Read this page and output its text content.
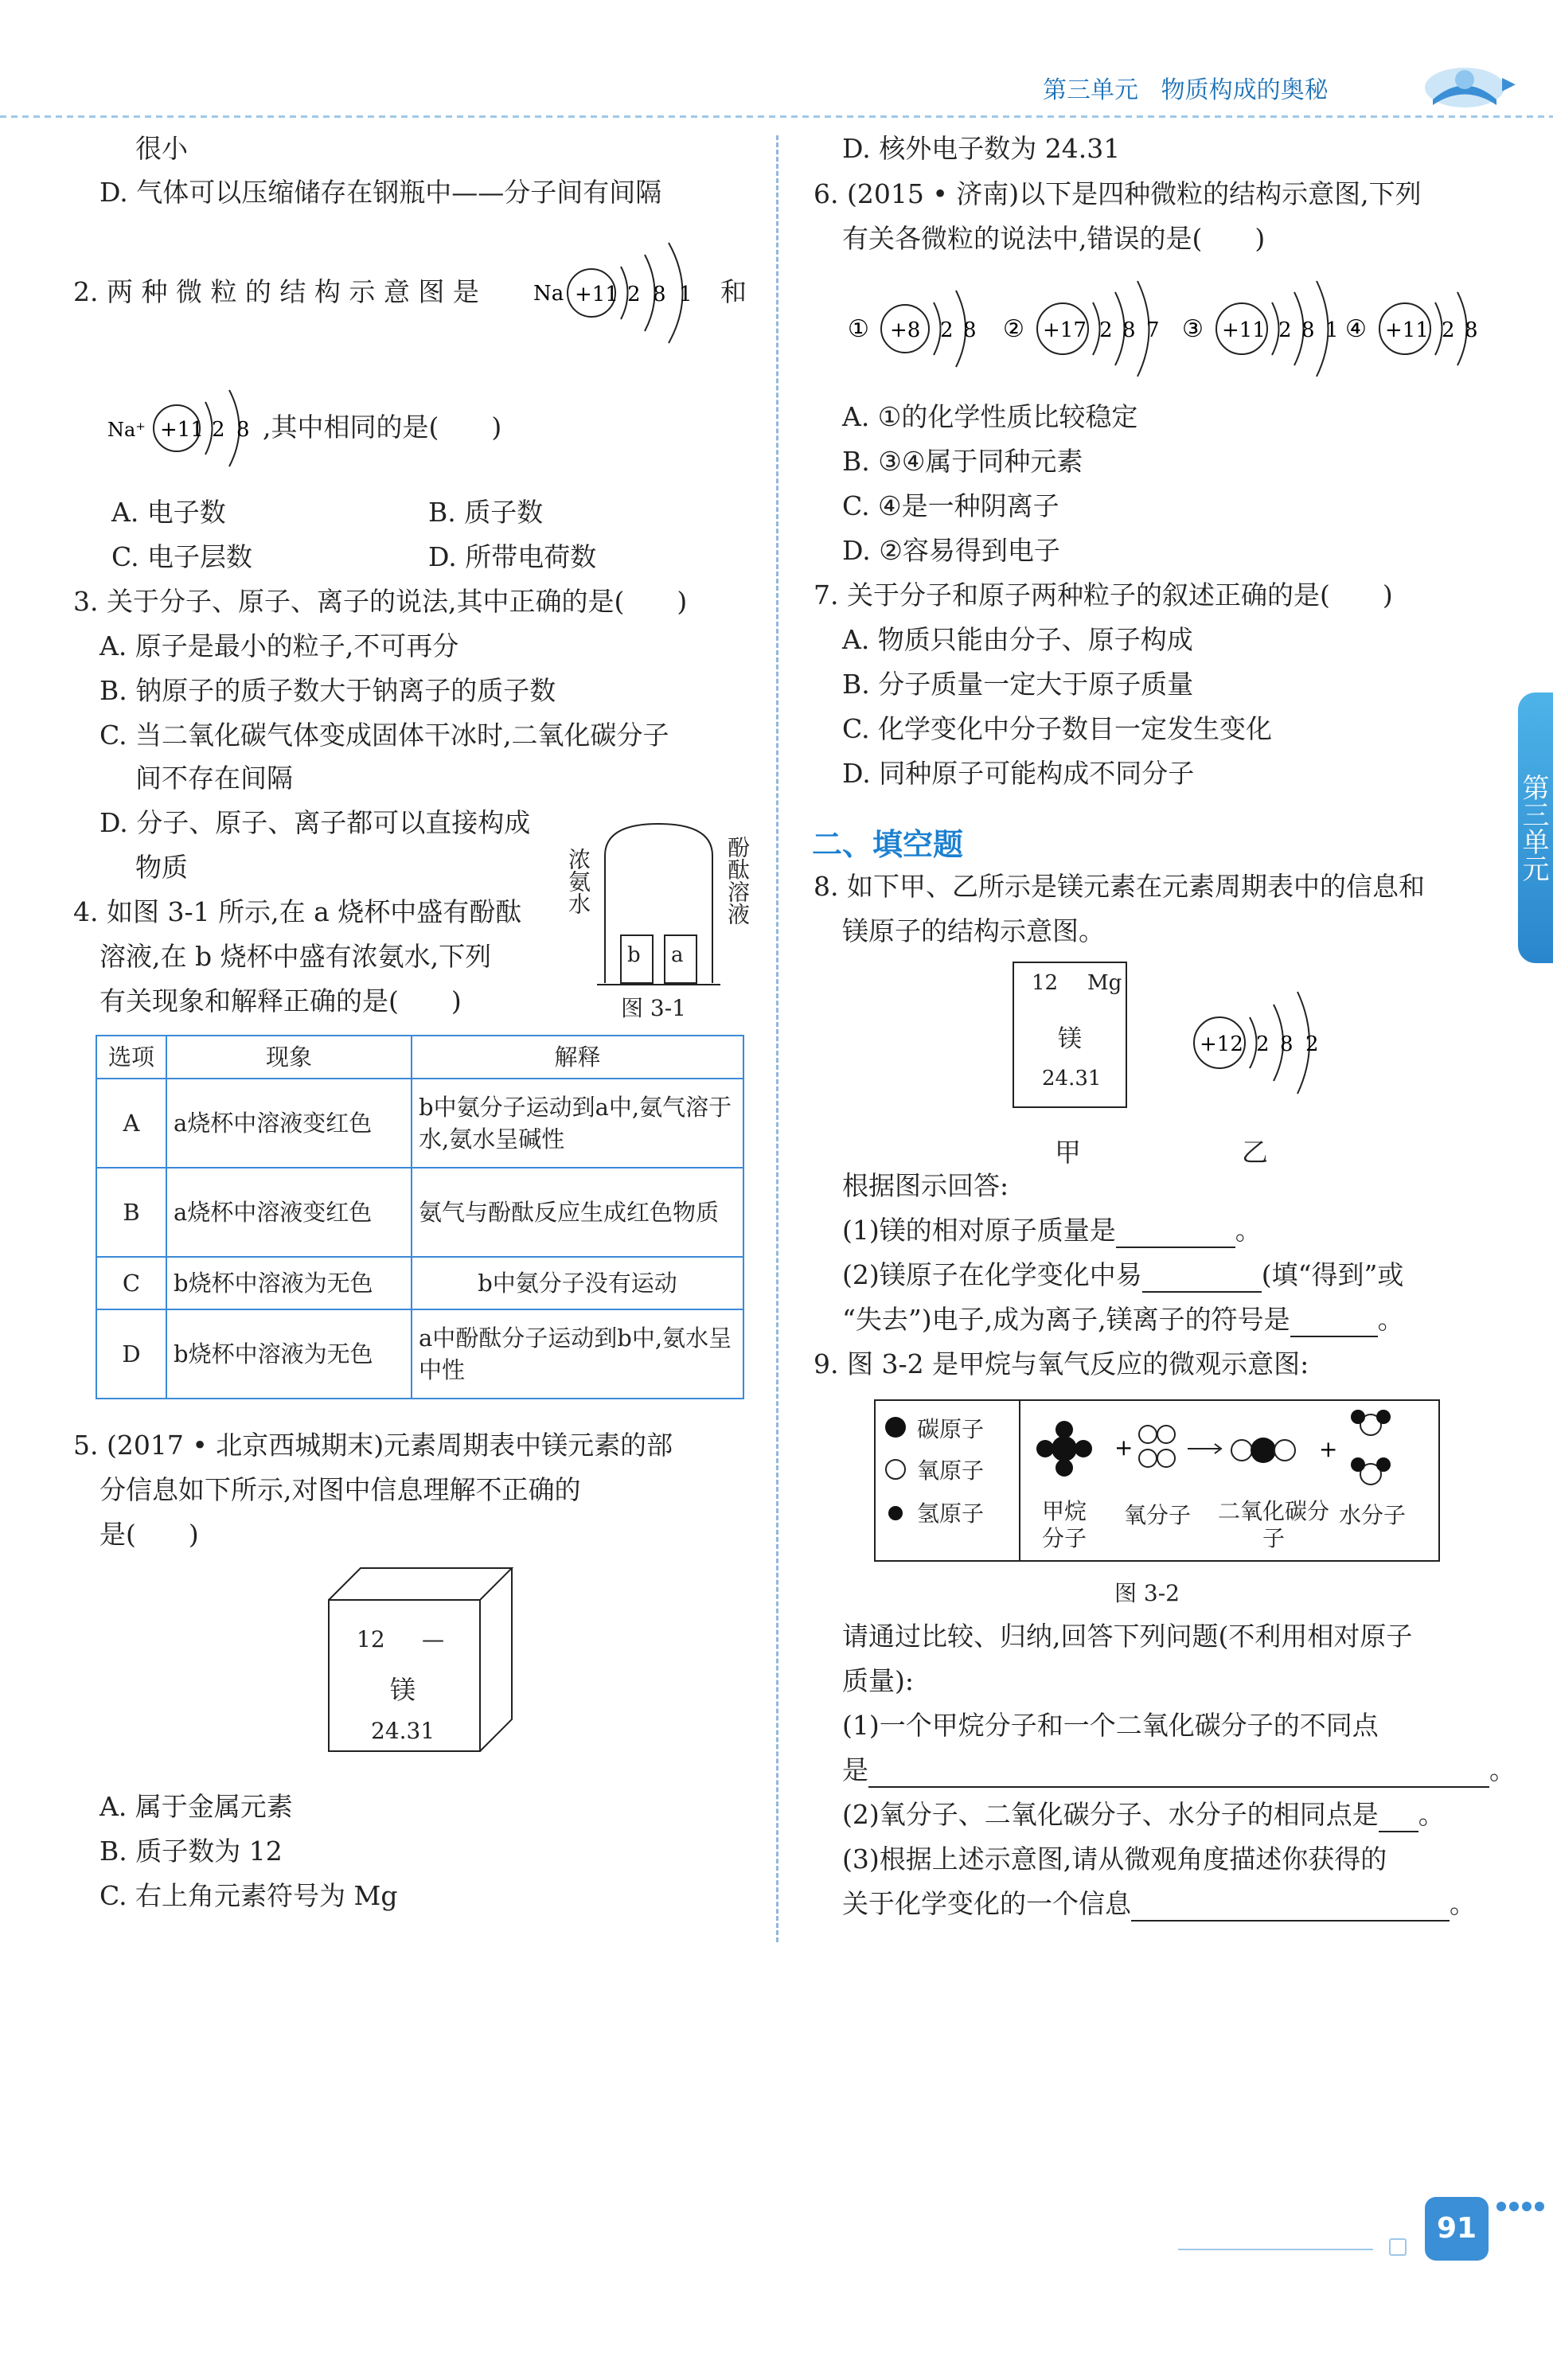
第三单元 物质构成的奥秘	▶
第三单元
很小
D. 气体可以压缩储存在钢瓶中——分子间有间隔
2. 两 种 微 粒 的 结 构 示 意 图 是	Na +11 2 8 1 和
Na⁺ +11 2 8 ,其中相同的是(　　)
A. 电子数	B. 质子数
C. 电子层数	D. 所带电荷数
3. 关于分子、原子、离子的说法,其中正确的是(　　)
A. 原子是最小的粒子,不可再分
B. 钠原子的质子数大于钠离子的质子数
C. 当二氧化碳气体变成固体干冰时,二氧化碳分子
间不存在间隔
D. 分子、原子、离子都可以直接构成
物质
4. 如图 3-1 所示,在 a 烧杯中盛有酚酞
溶液,在 b 烧杯中盛有浓氨水,下列
有关现象和解释正确的是(　　)
浓氨水	酚酞溶液
b a
图 3-1
选项	现象	解释
A	a烧杯中溶液变红色	b中氨分子运动到a中,氨气溶于水,氨水呈碱性
B	a烧杯中溶液变红色	氨气与酚酞反应生成红色物质
C	b烧杯中溶液为无色	b中氨分子没有运动
D	b烧杯中溶液为无色	a中酚酞分子运动到b中,氨水呈中性
5. (2017 • 北京西城期末)元素周期表中镁元素的部
分信息如下所示,对图中信息理解不正确的
是(　　)
12 —
镁
24.31
A. 属于金属元素
B. 质子数为 12
C. 右上角元素符号为 Mg
D. 核外电子数为 24.31
6. (2015 • 济南)以下是四种微粒的结构示意图,下列
有关各微粒的说法中,错误的是(　　)
① +8 2 8 ② +17 2 8 7 ③ +11 2 8 1 ④ +11 2 8
A. ①的化学性质比较稳定
B. ③④属于同种元素
C. ④是一种阴离子
D. ②容易得到电子
7. 关于分子和原子两种粒子的叙述正确的是(　　)
A. 物质只能由分子、原子构成
B. 分子质量一定大于原子质量
C. 化学变化中分子数目一定发生变化
D. 同种原子可能构成不同分子
二、填空题
8. 如下甲、乙所示是镁元素在元素周期表中的信息和
镁原子的结构示意图。
12 Mg
镁
24.31
+12 2 8 2
甲	乙
根据图示回答:
(1)镁的相对原子质量是	。
(2)镁原子在化学变化中易	(填“得到”或
“失去”)电子,成为离子,镁离子的符号是	。
9. 图 3-2 是甲烷与氧气反应的微观示意图:
碳原子
氧原子
氢原子
+	+
甲烷分子
氧分子 二氧化碳分子
水分子
图 3-2
请通过比较、归纳,回答下列问题(不利用相对原子
质量):
(1)一个甲烷分子和一个二氧化碳分子的不同点
是	。
(2)氧分子、二氧化碳分子、水分子的相同点是 。
(3)根据上述示意图,请从微观角度描述你获得的
关于化学变化的一个信息	。
91
